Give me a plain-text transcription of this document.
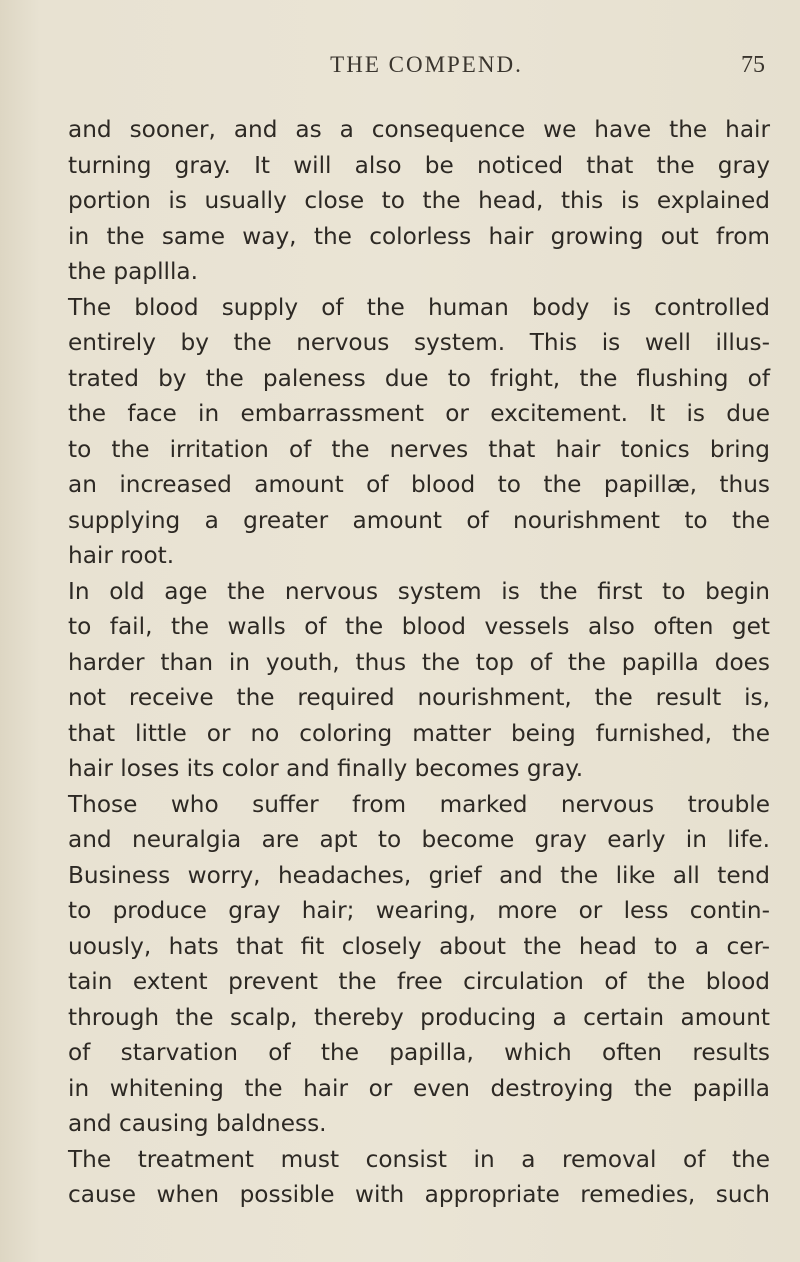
THE COMPEND.	75
and sooner, and as a consequence we have the hair
turning gray. It will also be noticed that the gray
portion is usually close to the head, this is explained
in the same way, the colorless hair growing out from
the papllla.
The blood supply of the human body is controlled
entirely by the nervous system. This is well illus-
trated by the paleness due to fright, the flushing of
the face in embarrassment or excitement. It is due
to the irritation of the nerves that hair tonics bring
an increased amount of blood to the papillæ, thus
supplying a greater amount of nourishment to the
hair root.
In old age the nervous system is the first to begin
to fail, the walls of the blood vessels also often get
harder than in youth, thus the top of the papilla does
not receive the required nourishment, the result is,
that little or no coloring matter being furnished, the
hair loses its color and finally becomes gray.
Those who suffer from marked nervous trouble
and neuralgia are apt to become gray early in life.
Business worry, headaches, grief and the like all tend
to produce gray hair; wearing, more or less contin-
uously, hats that fit closely about the head to a cer-
tain extent prevent the free circulation of the blood
through the scalp, thereby producing a certain amount
of starvation of the papilla, which often results
in whitening the hair or even destroying the papilla
and causing baldness.
The treatment must consist in a removal of the
cause when possible with appropriate remedies, such
